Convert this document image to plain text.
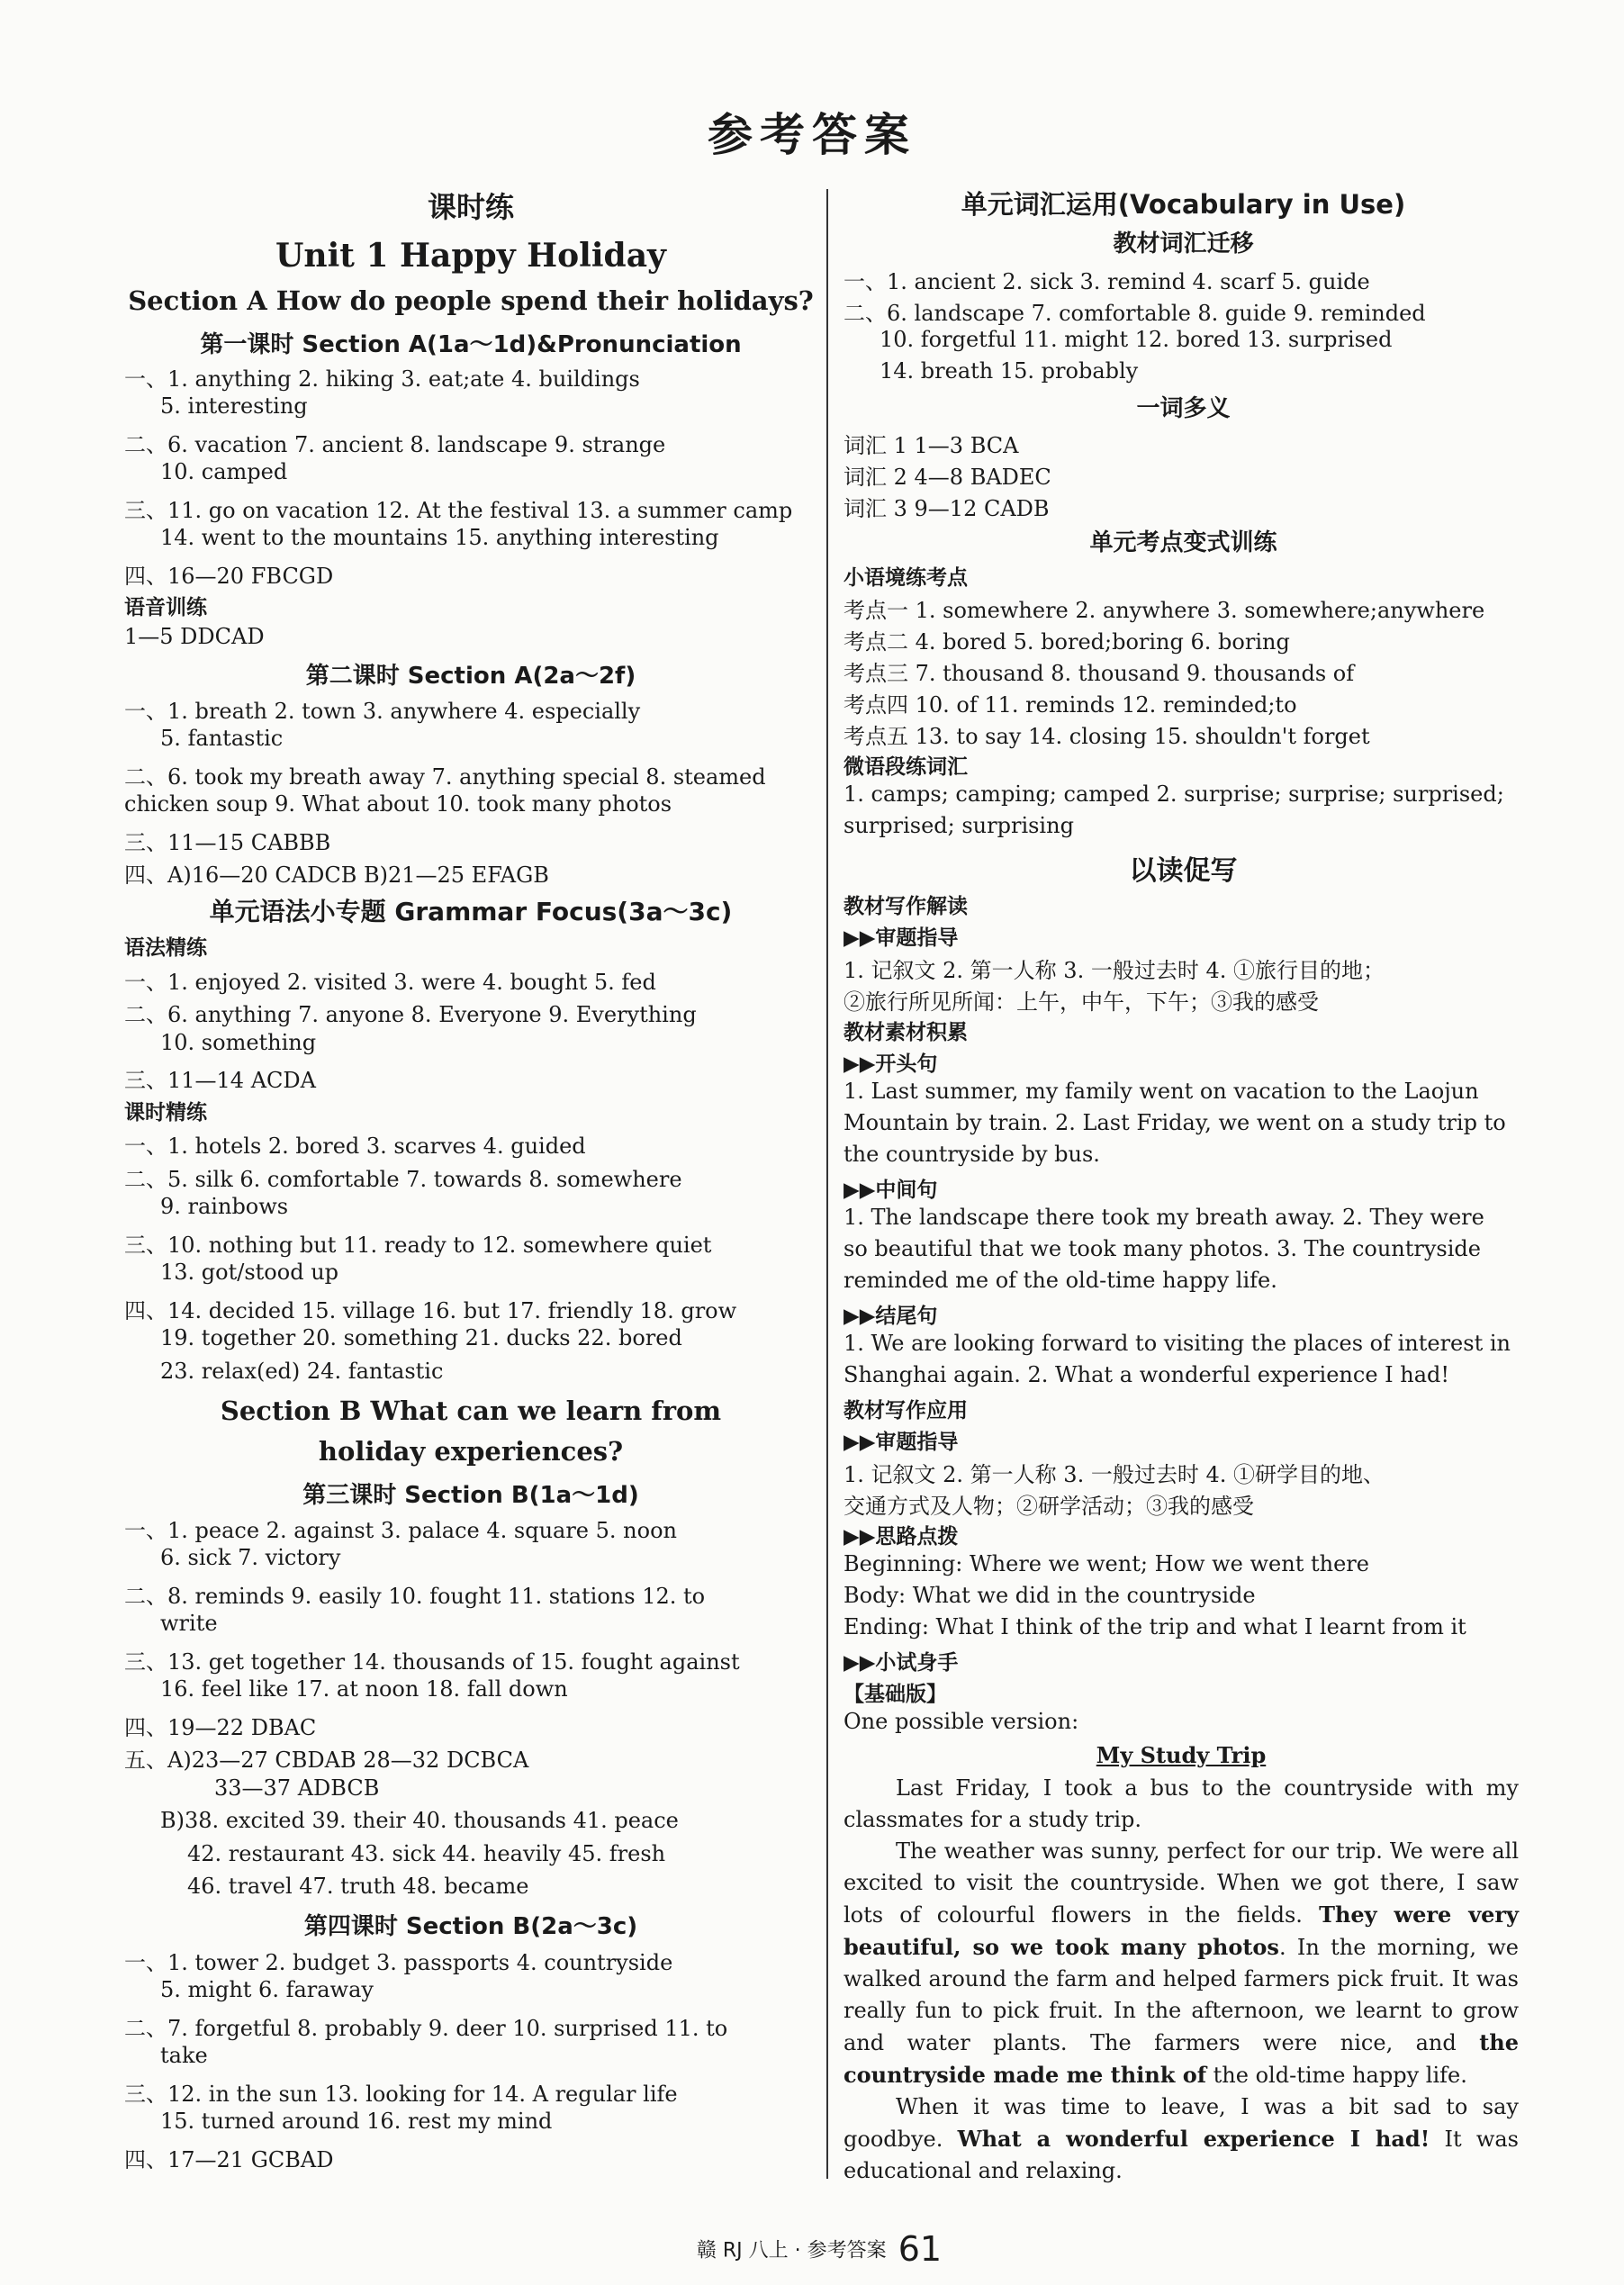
参考答案
课时练
Unit 1 Happy Holiday
Section A How do people spend their holidays?
第一课时 Section A(1a～1d)&Pronunciation
一、1. anything 2. hiking 3. eat;ate 4. buildings
5. interesting
二、6. vacation 7. ancient 8. landscape 9. strange
10. camped
三、11. go on vacation 12. At the festival 13. a summer camp
14. went to the mountains 15. anything interesting
四、16—20 FBCGD
语音训练
1—5 DDCAD
第二课时 Section A(2a～2f)
一、1. breath 2. town 3. anywhere 4. especially
5. fantastic
二、6. took my breath away 7. anything special 8. steamed
chicken soup 9. What about 10. took many photos
三、11—15 CABBB
四、A)16—20 CADCB B)21—25 EFAGB
单元语法小专题 Grammar Focus(3a～3c)
语法精练
一、1. enjoyed 2. visited 3. were 4. bought 5. fed
二、6. anything 7. anyone 8. Everyone 9. Everything
10. something
三、11—14 ACDA
课时精练
一、1. hotels 2. bored 3. scarves 4. guided
二、5. silk 6. comfortable 7. towards 8. somewhere
9. rainbows
三、10. nothing but 11. ready to 12. somewhere quiet
13. got/stood up
四、14. decided 15. village 16. but 17. friendly 18. grow
19. together 20. something 21. ducks 22. bored
23. relax(ed) 24. fantastic
Section B What can we learn from
holiday experiences?
第三课时 Section B(1a～1d)
一、1. peace 2. against 3. palace 4. square 5. noon
6. sick 7. victory
二、8. reminds 9. easily 10. fought 11. stations 12. to
write
三、13. get together 14. thousands of 15. fought against
16. feel like 17. at noon 18. fall down
四、19—22 DBAC
五、A)23—27 CBDAB 28—32 DCBCA
33—37 ADBCB
B)38. excited 39. their 40. thousands 41. peace
42. restaurant 43. sick 44. heavily 45. fresh
46. travel 47. truth 48. became
第四课时 Section B(2a～3c)
一、1. tower 2. budget 3. passports 4. countryside
5. might 6. faraway
二、7. forgetful 8. probably 9. deer 10. surprised 11. to
take
三、12. in the sun 13. looking for 14. A regular life
15. turned around 16. rest my mind
四、17—21 GCBAD
单元词汇运用(Vocabulary in Use)
教材词汇迁移
一、1. ancient 2. sick 3. remind 4. scarf 5. guide
二、6. landscape 7. comfortable 8. guide 9. reminded
10. forgetful 11. might 12. bored 13. surprised
14. breath 15. probably
一词多义
词汇 1 1—3 BCA
词汇 2 4—8 BADEC
词汇 3 9—12 CADB
单元考点变式训练
小语境练考点
考点一 1. somewhere 2. anywhere 3. somewhere;anywhere
考点二 4. bored 5. bored;boring 6. boring
考点三 7. thousand 8. thousand 9. thousands of
考点四 10. of 11. reminds 12. reminded;to
考点五 13. to say 14. closing 15. shouldn't forget
微语段练词汇
1. camps; camping; camped 2. surprise; surprise; surprised;
surprised; surprising
以读促写
教材写作解读
▶▶审题指导
1. 记叙文 2. 第一人称 3. 一般过去时 4. ①旅行目的地；
②旅行所见所闻：上午，中午，下午；③我的感受
教材素材积累
▶▶开头句
1. Last summer, my family went on vacation to the Laojun
Mountain by train. 2. Last Friday, we went on a study trip to
the countryside by bus.
▶▶中间句
1. The landscape there took my breath away. 2. They were
so beautiful that we took many photos. 3. The countryside
reminded me of the old-time happy life.
▶▶结尾句
1. We are looking forward to visiting the places of interest in
Shanghai again. 2. What a wonderful experience I had!
教材写作应用
▶▶审题指导
1. 记叙文 2. 第一人称 3. 一般过去时 4. ①研学目的地、
交通方式及人物；②研学活动；③我的感受
▶▶思路点拨
Beginning: Where we went; How we went there
Body: What we did in the countryside
Ending: What I think of the trip and what I learnt from it
▶▶小试身手
【基础版】
One possible version:
My Study Trip

Last Friday, I took a bus to the countryside with my classmates for a study trip.

The weather was sunny, perfect for our trip. We were all excited to visit the countryside. When we got there, I saw lots of colourful flowers in the fields. They were very beautiful, so we took many photos. In the morning, we walked around the farm and helped farmers pick fruit. It was really fun to pick fruit. In the afternoon, we learnt to grow and water plants. The farmers were nice, and the countryside made me think of the old-time happy life.

When it was time to leave, I was a bit sad to say goodbye. What a wonderful experience I had! It was educational and relaxing.

赣 RJ 八上 · 参考答案 61
